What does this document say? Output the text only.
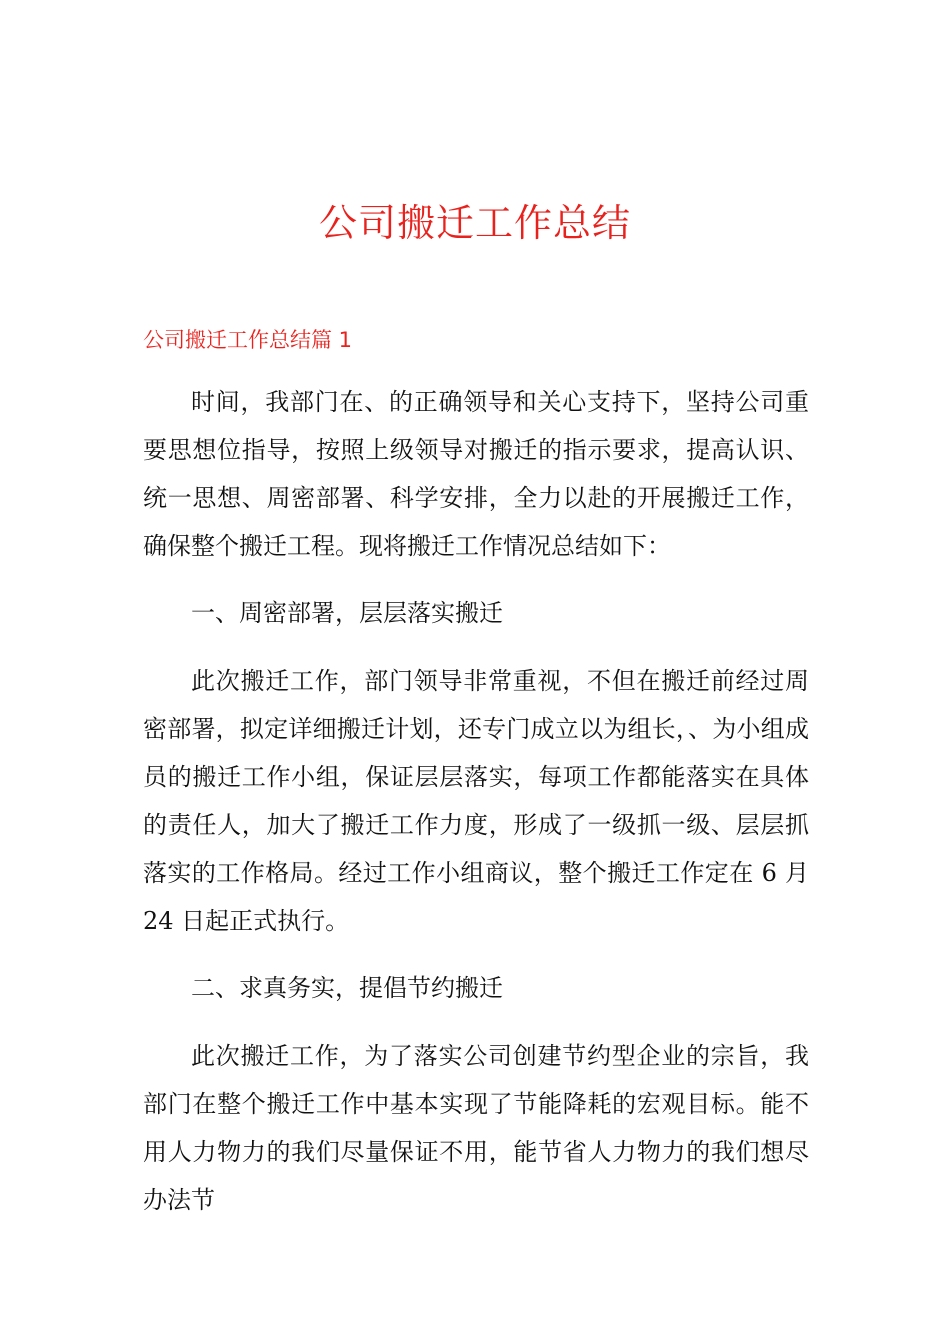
公司搬迁工作总结
公司搬迁工作总结篇 1

时间，我部门在、的正确领导和关心支持下，坚持公司重要思想位指导，按照上级领导对搬迁的指示要求，提高认识、统一思想、周密部署、科学安排，全力以赴的开展搬迁工作，确保整个搬迁工程。现将搬迁工作情况总结如下：

一、周密部署，层层落实搬迁

此次搬迁工作，部门领导非常重视，不但在搬迁前经过周密部署，拟定详细搬迁计划，还专门成立以为组长，、为小组成员的搬迁工作小组，保证层层落实，每项工作都能落实在具体的责任人，加大了搬迁工作力度，形成了一级抓一级、层层抓落实的工作格局。经过工作小组商议，整个搬迁工作定在 6 月 24 日起正式执行。

二、求真务实，提倡节约搬迁

此次搬迁工作，为了落实公司创建节约型企业的宗旨，我部门在整个搬迁工作中基本实现了节能降耗的宏观目标。能不用人力物力的我们尽量保证不用，能节省人力物力的我们想尽办法节
